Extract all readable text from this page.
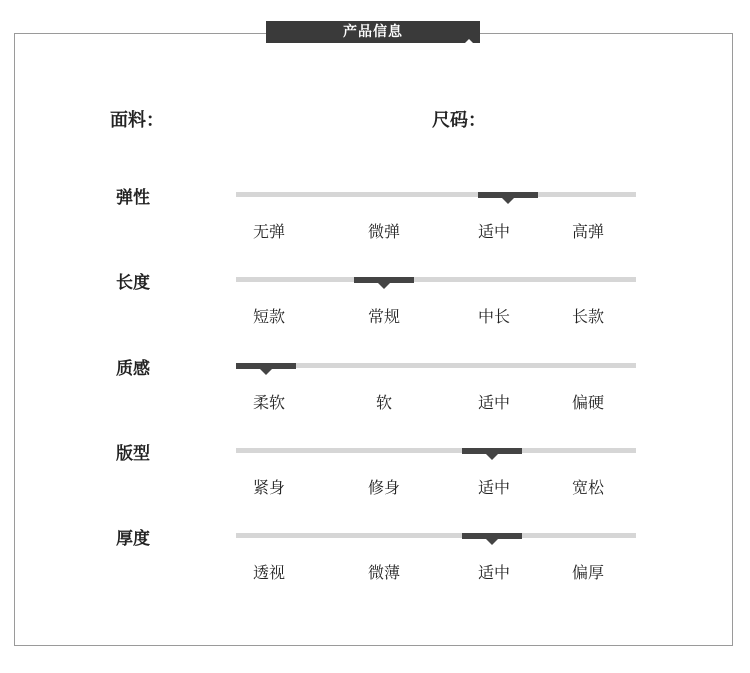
产品信息
面料：	尺码：
弹性
无弹	微弹	适中	高弹
长度
短款	常规	中长	长款
质感
柔软	软	适中	偏硬
版型
紧身	修身	适中	宽松
厚度
透视	微薄	适中	偏厚
